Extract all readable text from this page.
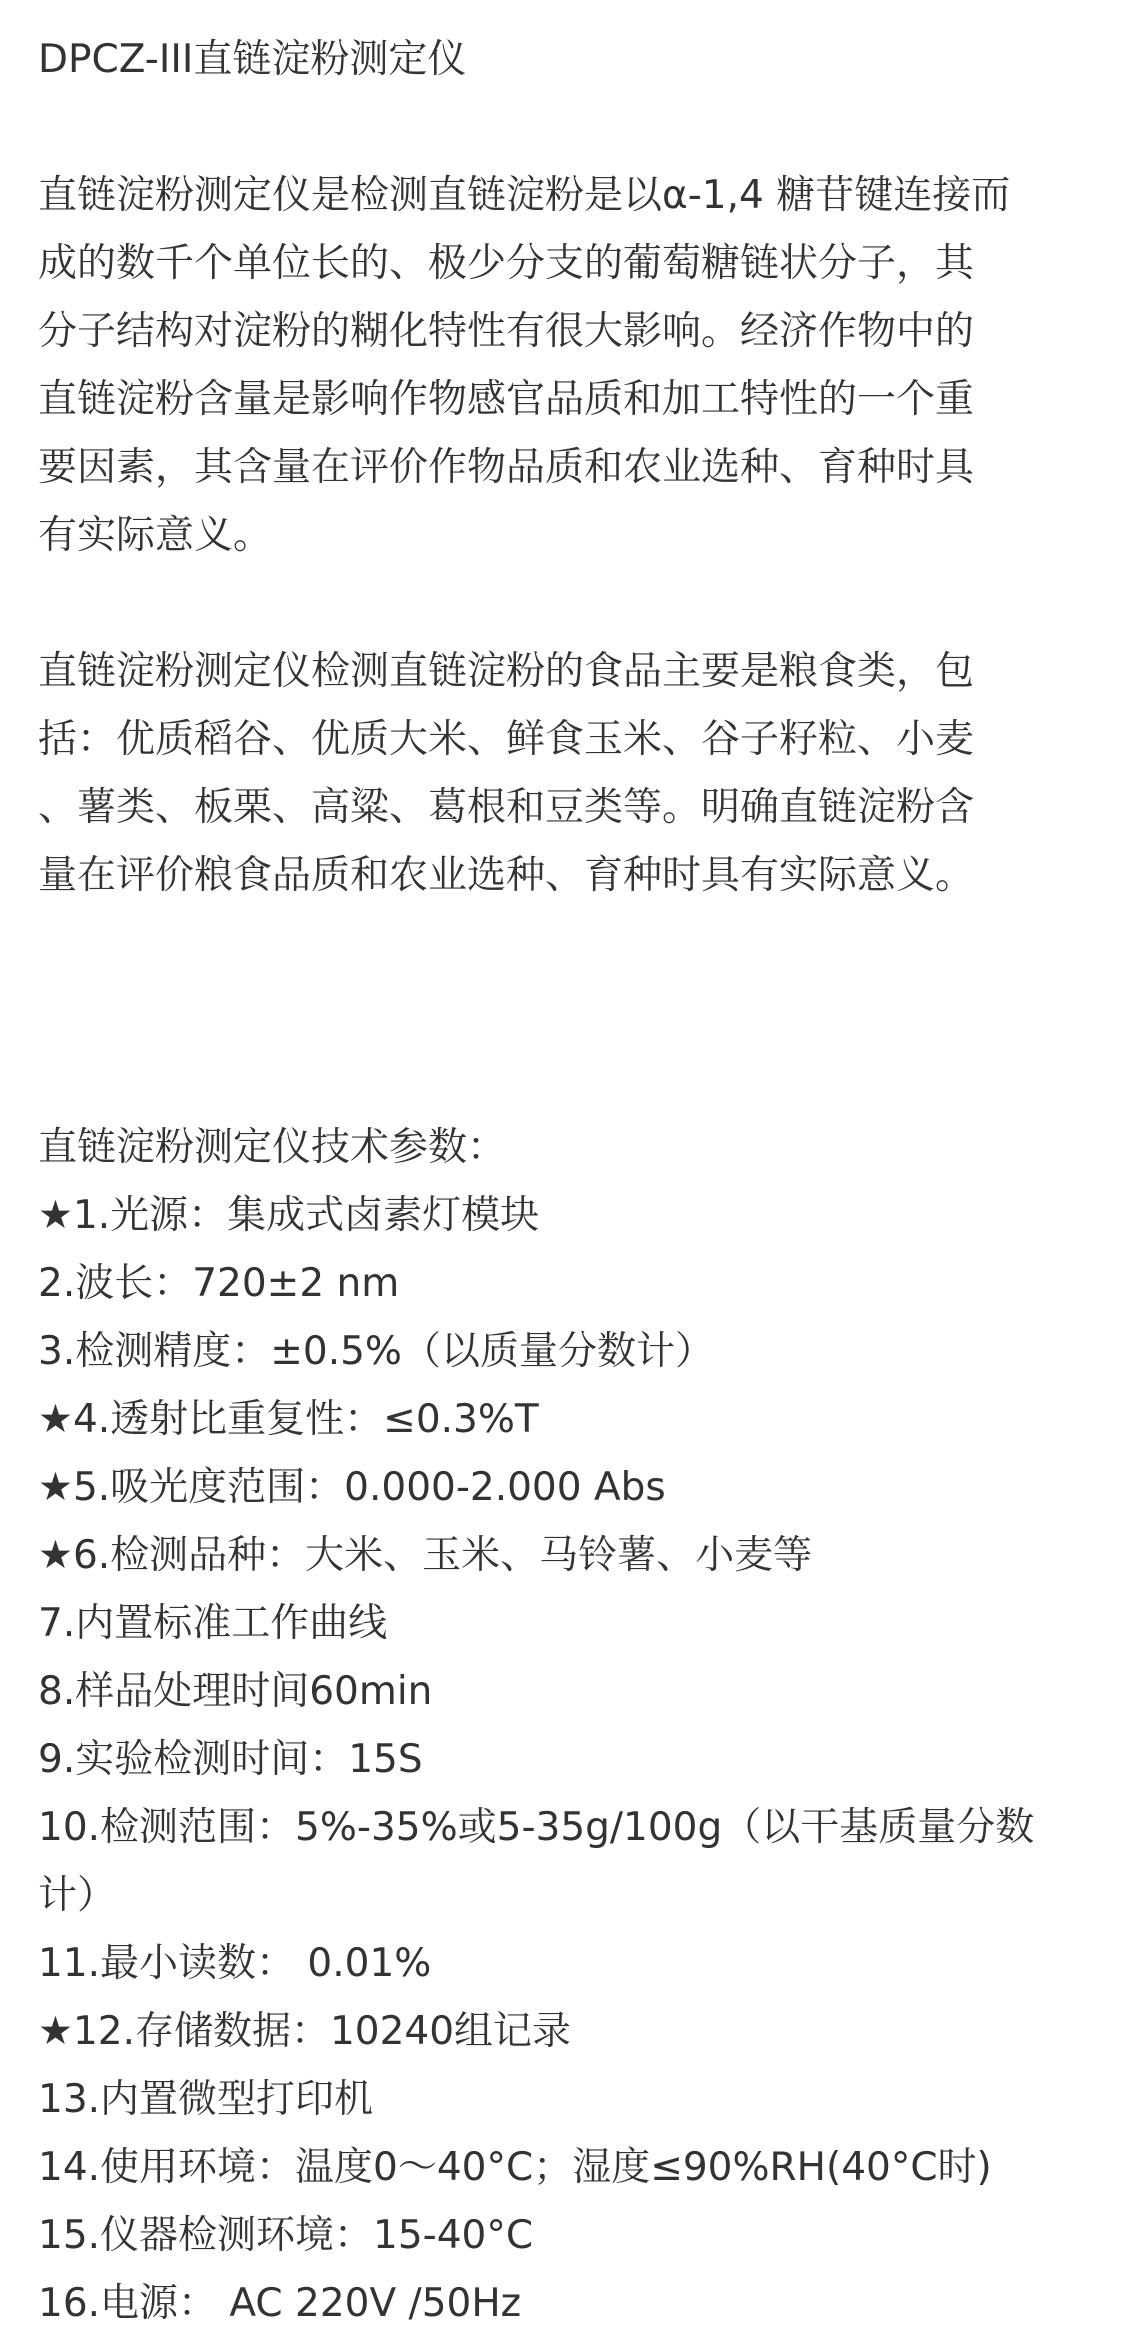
DPCZ-III直链淀粉测定仪
直链淀粉测定仪是检测直链淀粉是以α-1,4 糖苷键连接而
成的数千个单位长的、极少分支的葡萄糖链状分子，其
分子结构对淀粉的糊化特性有很大影响。经济作物中的
直链淀粉含量是影响作物感官品质和加工特性的一个重
要因素，其含量在评价作物品质和农业选种、育种时具
有实际意义。
直链淀粉测定仪检测直链淀粉的食品主要是粮食类，包
括：优质稻谷、优质大米、鲜食玉米、谷子籽粒、小麦
、薯类、板栗、高粱、葛根和豆类等。明确直链淀粉含
量在评价粮食品质和农业选种、育种时具有实际意义。
直链淀粉测定仪技术参数：
★1.光源：集成式卤素灯模块
2.波长：720±2 nm
3.检测精度：±0.5%（以质量分数计）
★4.透射比重复性：≤0.3%T
★5.吸光度范围：0.000-2.000 Abs
★6.检测品种：大米、玉米、马铃薯、小麦等
7.内置标准工作曲线
8.样品处理时间60min
9.实验检测时间：15S
10.检测范围：5%-35%或5-35g/100g（以干基质量分数
计）
11.最小读数： 0.01%
★12.存储数据：10240组记录
13.内置微型打印机
14.使用环境：温度0～40°C；湿度≤90%RH(40°C时)
15.仪器检测环境：15-40°C
16.电源： AC 220V /50Hz
